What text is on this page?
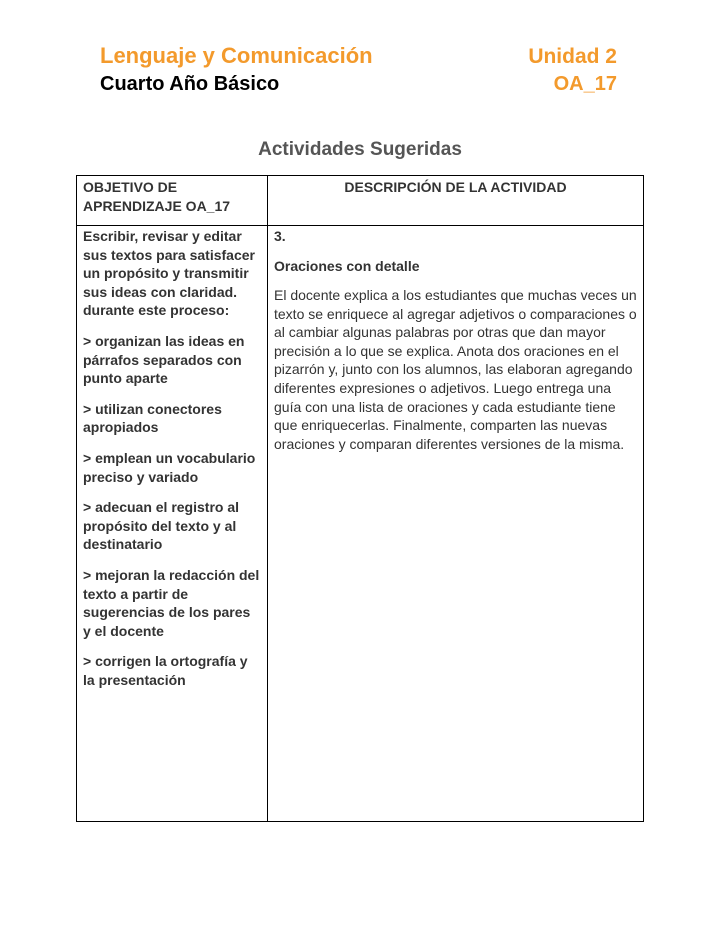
Lenguaje y Comunicación	Unidad 2
Cuarto Año Básico	OA_17
Actividades Sugeridas
OBJETIVO DE APRENDIZAJE OA_17
DESCRIPCIÓN DE LA ACTIVIDAD

Escribir, revisar y editar sus textos para satisfacer un propósito y transmitir sus ideas con claridad. durante este proceso:

> organizan las ideas en párrafos separados con punto aparte

> utilizan conectores apropiados

> emplean un vocabulario preciso y variado

> adecuan el registro al propósito del texto y al destinatario

> mejoran la redacción del texto a partir de sugerencias de los pares y el docente

> corrigen la ortografía y la presentación

3.

Oraciones con detalle

El docente explica a los estudiantes que muchas veces un texto se enriquece al agregar adjetivos o comparaciones o al cambiar algunas palabras por otras que dan mayor precisión a lo que se explica. Anota dos oraciones en el pizarrón y, junto con los alumnos, las elaboran agregando diferentes expresiones o adjetivos. Luego entrega una guía con una lista de oraciones y cada estudiante tiene que enriquecerlas. Finalmente, comparten las nuevas oraciones y comparan diferentes versiones de la misma.
